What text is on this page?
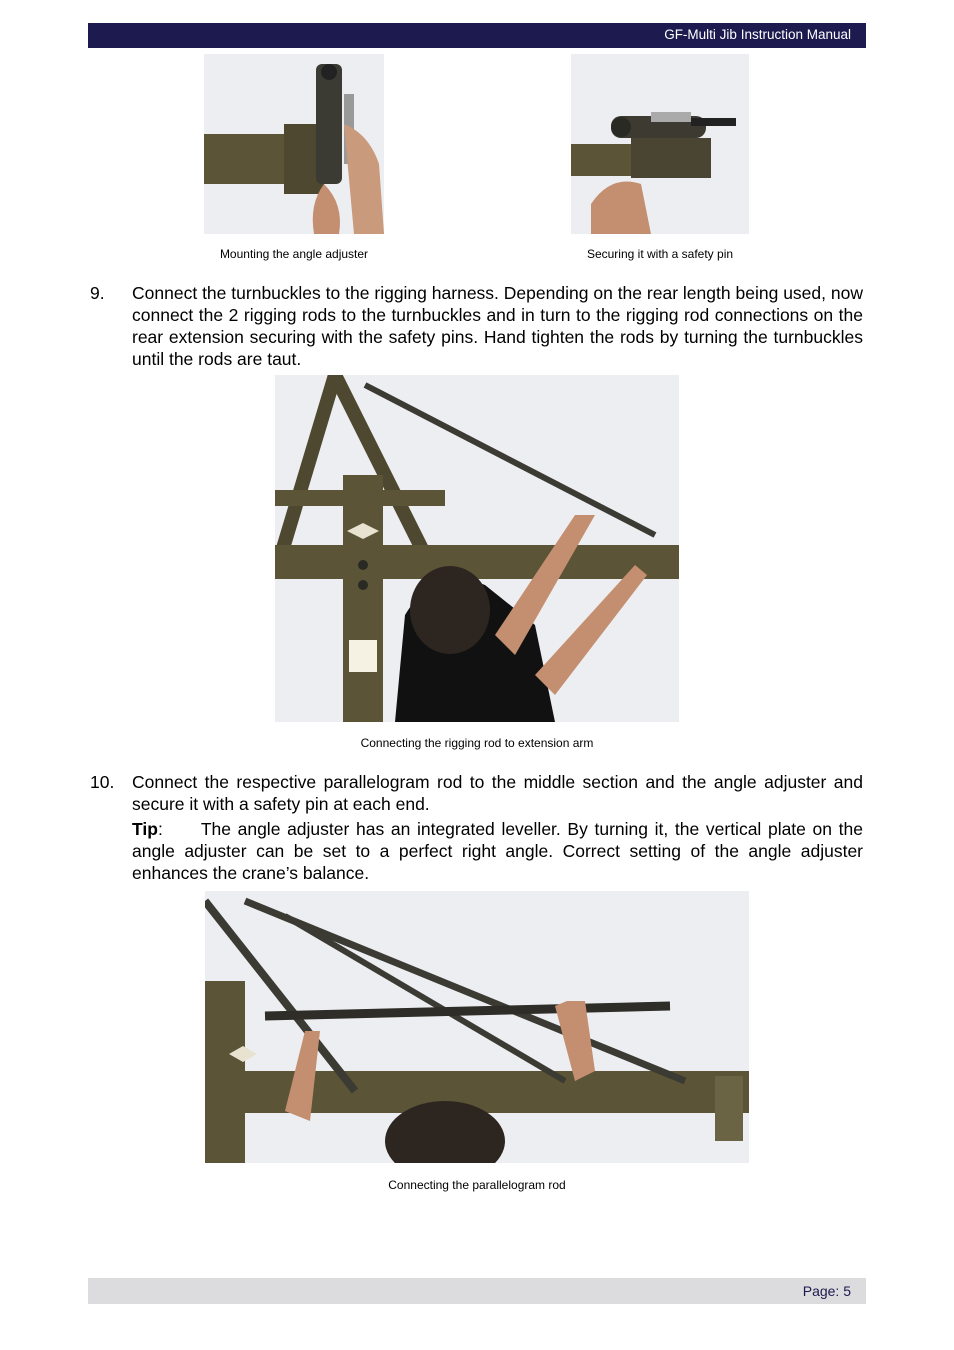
GF-Multi Jib Instruction Manual
Mounting the angle adjuster	Securing it with a safety pin
9. Connect the turnbuckles to the rigging harness. Depending on the rear length being used, now connect the 2 rigging rods to the turnbuckles and in turn to the rigging rod connections on the rear extension securing with the safety pins. Hand tighten the rods by turning the turnbuckles until the rods are taut.
Connecting the rigging rod to extension arm
10. Connect the respective parallelogram rod to the middle section and the angle adjuster and secure it with a safety pin at each end.
Tip: The angle adjuster has an integrated leveller. By turning it, the vertical plate on the angle adjuster can be set to a perfect right angle. Correct setting of the angle adjuster enhances the crane’s balance.
Connecting the parallelogram rod
Page: 5
